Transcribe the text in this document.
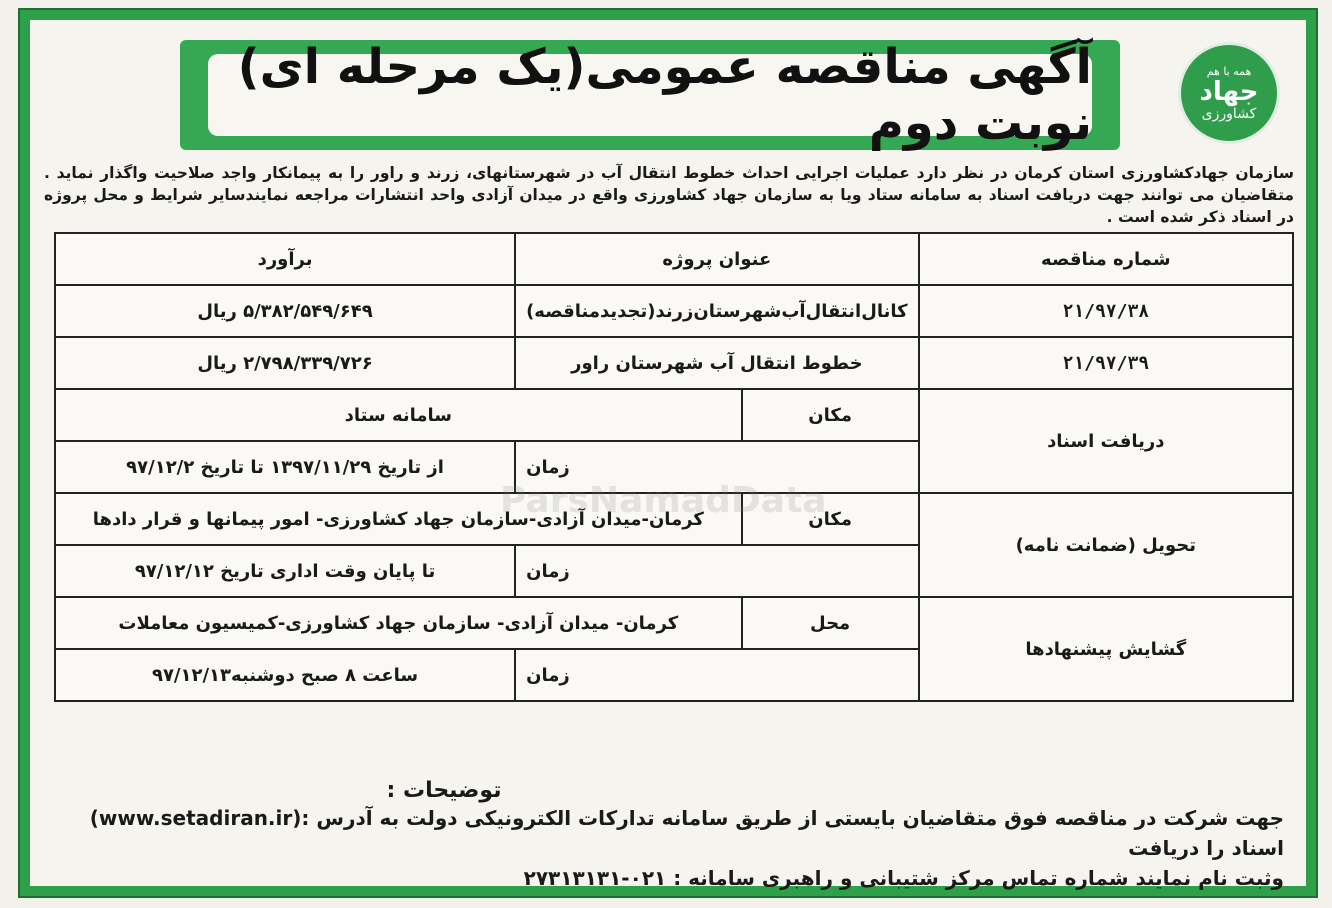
آگهی مناقصه عمومی(یک مرحله ای) نوبت دوم
همه با هم
جهاد
کشاورزی
سازمان جهادکشاورزی استان کرمان در نظر دارد عملیات اجرایی احداث خطوط انتقال آب در شهرستانهای، زرند و راور را به پیمانکار واجد صلاحیت واگذار نماید . متقاضیان می توانند جهت دریافت اسناد به سامانه ستاد ویا به سازمان جهاد کشاورزی واقع در میدان آزادی واحد انتشارات مراجعه نمایندسایر شرایط و محل پروژه در اسناد ذکر شده است .
شماره مناقصه	عنوان پروژه		برآورد
۲۱/۹۷/۳۸	کانال‌انتقال‌آب‌شهرستان‌زرند(تجدیدمناقصه)		۵/۳۸۲/۵۴۹/۶۴۹ ریال
۲۱/۹۷/۳۹	خطوط انتقال آب شهرستان راور		۲/۷۹۸/۳۳۹/۷۲۶ ریال
دریافت اسناد	مکان	سامانه ستاد	
	زمان		از تاریخ ۱۳۹۷/۱۱/۲۹ تا تاریخ ۹۷/۱۲/۲
تحویل (ضمانت نامه)	مکان	کرمان-میدان آزادی-سازمان جهاد کشاورزی- امور پیمانها و قرار دادها	
	زمان		تا پایان وقت اداری تاریخ ۹۷/۱۲/۱۲
گشایش پیشنهادها	محل	کرمان- میدان آزادی- سازمان جهاد کشاورزی-کمیسیون معاملات	
	زمان		ساعت ۸ صبح دوشنبه۹۷/۱۲/۱۳
توضیحات :
جهت شرکت در مناقصه فوق متقاضیان بایستی از طریق سامانه تدارکات الکترونیکی دولت به آدرس :(www.setadiran.ir) اسناد را دریافت
وثبت نام نمایند شماره تماس مرکز شتیبانی و راهبری سامانه : ۰۲۱-۲۷۳۱۳۱۳۱
